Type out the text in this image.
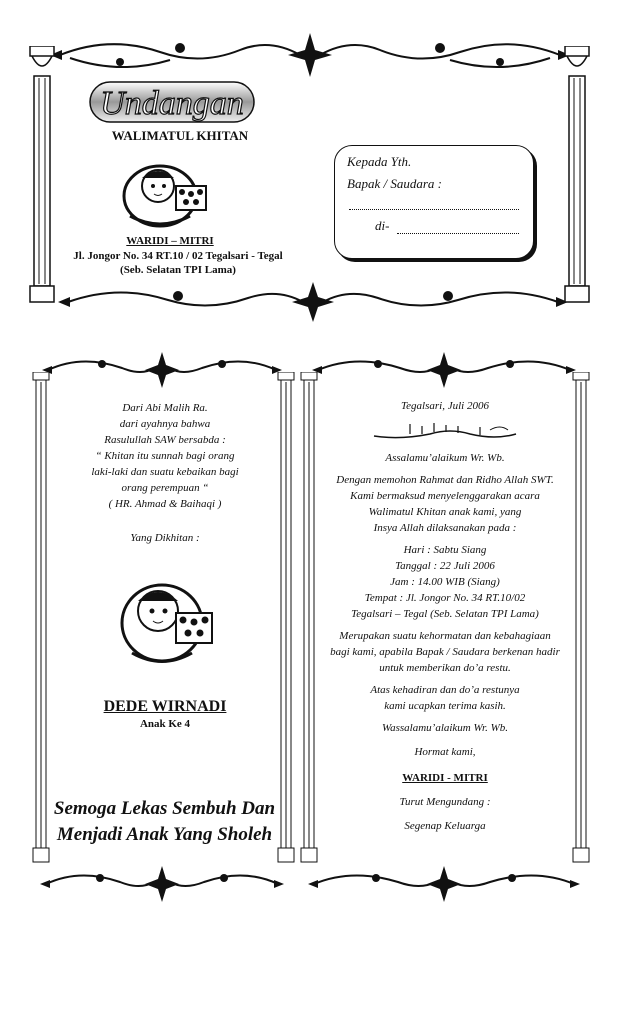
Undangan
WALIMATUL KHITAN
WARIDI – MITRI
Jl. Jongor No. 34 RT.10 / 02 Tegalsari - Tegal
(Seb. Selatan TPI Lama)
Kepada Yth.
Bapak / Saudara :
di-
Dari Abi Malih Ra.
dari ayahnya bahwa
Rasulullah SAW bersabda :
“ Khitan itu sunnah bagi orang
laki-laki dan suatu kebaikan bagi
orang perempuan “
( HR. Ahmad & Baihaqi )
Yang Dikhitan :
DEDE WIRNADI
Anak Ke 4
Semoga Lekas Sembuh Dan
Menjadi Anak Yang Sholeh
Tegalsari, Juli 2006
Assalamu’alaikum Wr. Wb.
Dengan memohon Rahmat dan Ridho Allah SWT.
Kami bermaksud menyelenggarakan acara
Walimatul Khitan anak kami, yang
Insya Allah dilaksanakan pada :
Hari : Sabtu Siang
Tanggal : 22 Juli 2006
Jam : 14.00 WIB (Siang)
Tempat : Jl. Jongor No. 34 RT.10/02
Tegalsari – Tegal (Seb. Selatan TPI Lama)
Merupakan suatu kehormatan dan kebahagiaan
bagi kami, apabila Bapak / Saudara berkenan hadir
untuk memberikan do’a restu.
Atas kehadiran dan do’a restunya
kami ucapkan terima kasih.
Wassalamu’alaikum Wr. Wb.
Hormat kami,
WARIDI - MITRI
Turut Mengundang :
Segenap Keluarga
